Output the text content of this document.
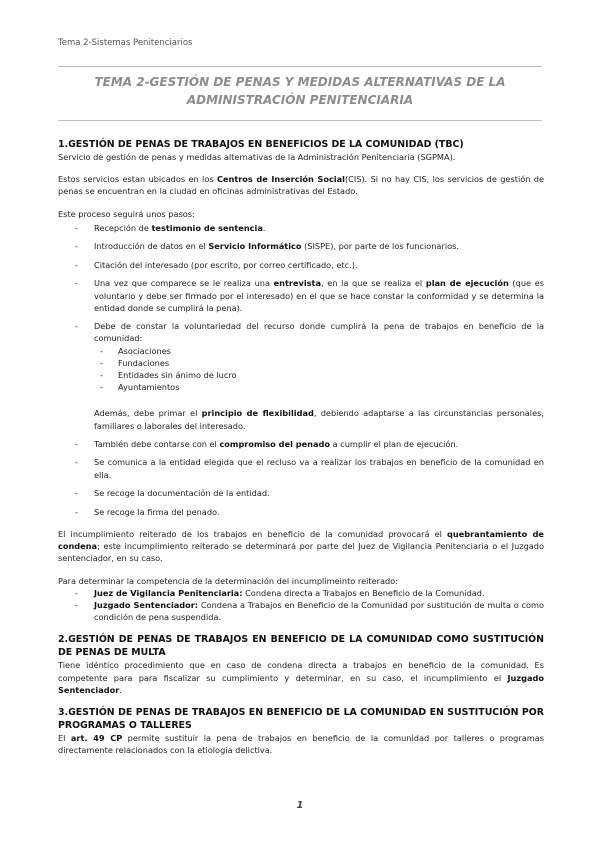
Tema 2-Sistemas Penitenciarios
TEMA 2-GESTIÓN DE PENAS Y MEDIDAS ALTERNATIVAS DE LA
ADMINISTRACIÓN PENITENCIARIA
1.GESTIÓN DE PENAS DE TRABAJOS EN BENEFICIOS DE LA COMUNIDAD (TBC)

Servicio de gestión de penas y medidas alternativas de la Administración Penitenciaria (SGPMA).

Estos servicios estan ubicados en los Centros de Inserción Social(CIS). Si no hay CIS, los servicios de gestión de penas se encuentran en la ciudad en oficinas administrativas del Estado.

Este proceso seguirá unos pasos:

- Recepción de testimonio de sentencia.
- Introducción de datos en el Servicio Informático (SISPE), por parte de los funcionarios.
- Citación del interesado (por escrito, por correo certificado, etc.).
- Una vez que comparece se le realiza una entrevista, en la que se realiza el plan de ejecución (que es voluntario y debe ser firmado por el interesado) en el que se hace constar la conformidad y se determina la entidad donde se cumplirá la pena).
- Debe de constar la voluntariedad del recurso donde cumplirá la pena de trabajos en beneficio de la comunidad:
- Asociaciones
- Fundaciones
- Entidades sin ánimo de lucro
- Ayuntamientos

Además, debe primar el principio de flexibilidad, debiendo adaptarse a las circunstancias personales, familiares o laborales del interesado.

- También debe contarse con el compromiso del penado a cumplir el plan de ejecución.
- Se comunica a la entidad elegida que el recluso va a realizar los trabajos en beneficio de la comunidad en ella.
- Se recoge la documentación de la entidad.
- Se recoge la firma del penado.

El incumplimiento reiterado de los trabajos en beneficio de la comunidad provocará el quebrantamiento de condena; este incumplimiento reiterado se determinará por parte del Juez de Vigilancia Penitenciaria o el Juzgado sentenciador, en su caso.

Para determinar la competencia de la determinación del incumplimeinto reiterado:

- Juez de Vigilancia Penitenciaria: Condena directa a Trabajos en Beneficio de la Comunidad.
- Juzgado Sentenciador: Condena a Trabajos en Beneficio de la Comunidad por sustitución de multa o como condición de pena suspendida.
2.GESTIÓN DE PENAS DE TRABAJOS EN BENEFICIO DE LA COMUNIDAD COMO SUSTITUCIÓN DE PENAS DE MULTA

Tiene idéntico procedimiento que en caso de condena directa a trabajos en beneficio de la comunidad. Es competente para para fiscalizar su cumplimiento y determinar, en su caso, el incumplimiento el Juzgado Sentenciador.

3.GESTIÓN DE PENAS DE TRABAJOS EN BENEFICIO DE LA COMUNIDAD EN SUSTITUCIÓN POR PROGRAMAS O TALLERES

El art. 49 CP permite sustituir la pena de trabajos en beneficio de la comunidad por talleres o programas directamente relacionados con la etiología delictiva.

1
